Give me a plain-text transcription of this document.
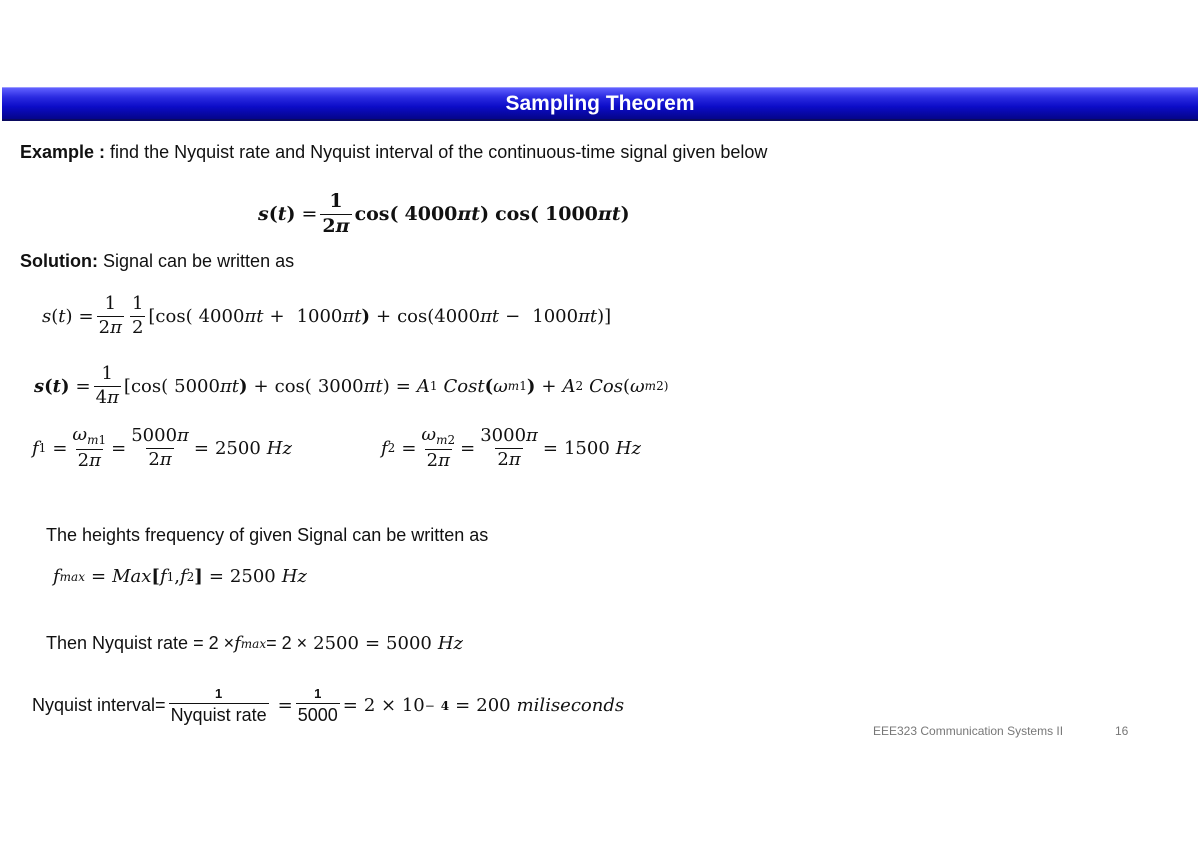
Sampling Theorem
Example : find the Nyquist rate and Nyquist interval of the continuous-time signal given below
$s(t) = \frac{1}{2\pi} \cos$( 4000πt) cos( 1000πt)
Solution: Signal can be written as
s ( t ) = $\frac{1}{2\pi} \frac{1}{2} [\cos$( 4000 πt + 1000 πt ) + cos(4000 πt − 1000 πt )]
$s(t) = \frac{1}{4\pi} [\cos$( 5000 πt ) + cos( 3000 πt ) = A 1 Cost ( ω m1 ) + A 2 Cos ( ω m2 )
f $1 = \frac{\omega_{m1}}{2\pi} = \frac{5000\pi}{2\pi} = 2500$ Hz	f $2 = \frac{\omega_{m2}}{2\pi} = \frac{3000\pi}{2\pi} = 1500$ Hz
The heights frequency of given Signal can be written as
f max = Max [ f 1 , f 2 ] = 2500 Hz
Then Nyquist rate = 2 × f max = 2 × 2500 = 5000 Hz
Nyquist interval= $\frac{1}{\text{Nyquist rate}} = \frac{1}{5000} = 2 \times 10 - 4 = 200$ miliseconds
EEE323 Communication Systems II	16
